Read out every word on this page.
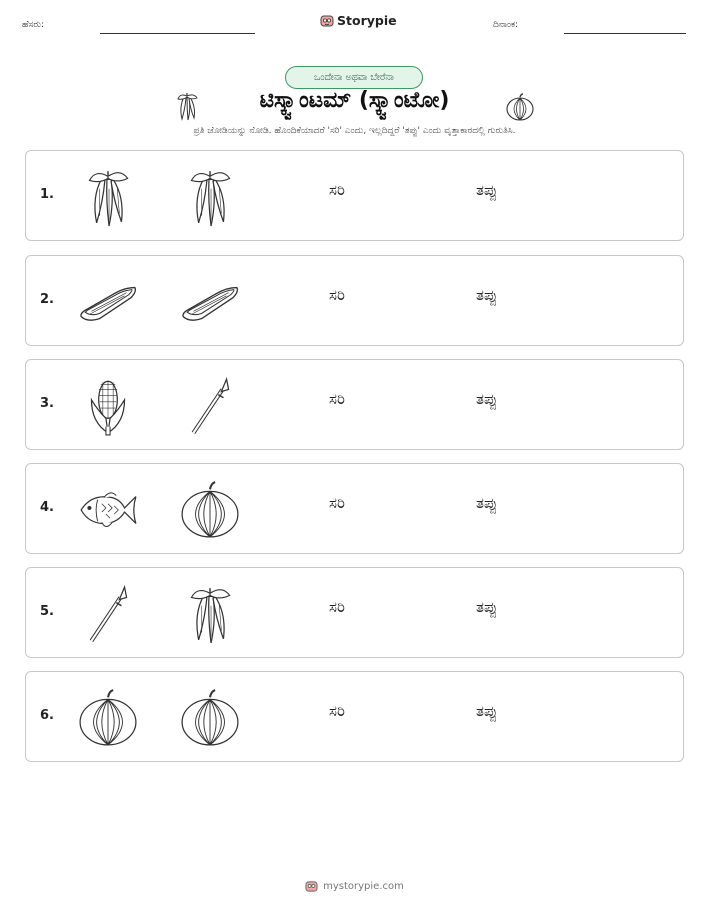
ಹೆಸರು:	Storypie	ದಿನಾಂಕ:
ಒಂದೇನಾ ಅಥವಾ ಬೇರೆನಾ
ಟಿಸ್ಕ್ವಾಂಟಮ್ (ಸ್ಕ್ವಾಂಟೋ)
ಪ್ರತಿ ಜೋಡಿಯನ್ನು ನೋಡಿ. ಹೊಂದಿಕೆಯಾದರೆ 'ಸರಿ' ಎಂದು, ಇಲ್ಲದಿದ್ದರೆ 'ತಪ್ಪು' ಎಂದು ವೃತ್ತಾಕಾರದಲ್ಲಿ ಗುರುತಿಸಿ.
1.	ಸರಿ	ತಪ್ಪು
2.	ಸರಿ	ತಪ್ಪು
3.	ಸರಿ	ತಪ್ಪು
4.	ಸರಿ	ತಪ್ಪು
5.	ಸರಿ	ತಪ್ಪು
6.	ಸರಿ	ತಪ್ಪು
mystorypie.com
